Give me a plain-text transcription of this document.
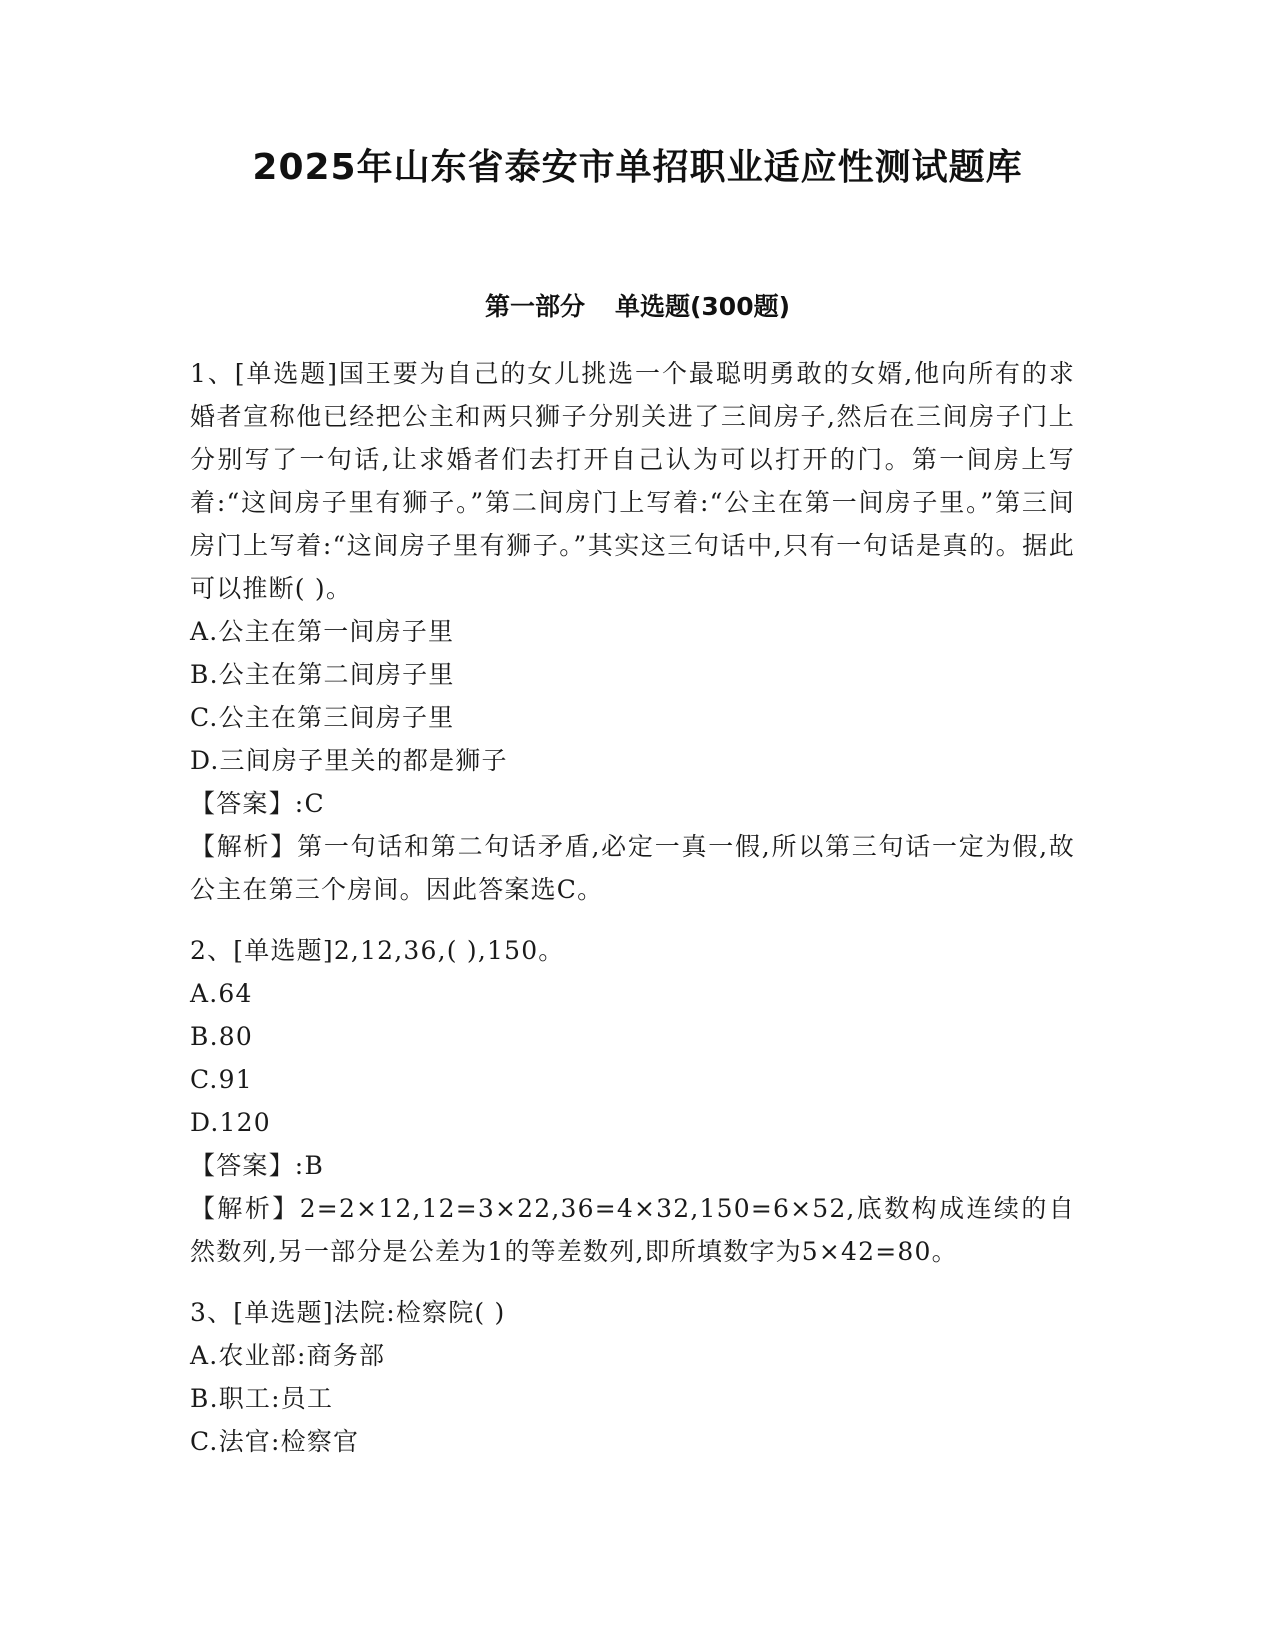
2025年山东省泰安市单招职业适应性测试题库
第一部分 单选题(300题)
1、[单选题]国王要为自己的女儿挑选一个最聪明勇敢的女婿,他向所有的求婚者宣称他已经把公主和两只狮子分别关进了三间房子,然后在三间房子门上分别写了一句话,让求婚者们去打开自己认为可以打开的门。第一间房上写着:“这间房子里有狮子。”第二间房门上写着:“公主在第一间房子里。”第三间房门上写着:“这间房子里有狮子。”其实这三句话中,只有一句话是真的。据此可以推断( )。
A.公主在第一间房子里
B.公主在第二间房子里
C.公主在第三间房子里
D.三间房子里关的都是狮子
【答案】:C
【解析】第一句话和第二句话矛盾,必定一真一假,所以第三句话一定为假,故公主在第三个房间。因此答案选C。
2、[单选题]2,12,36,( ),150。
A.64
B.80
C.91
D.120
【答案】:B
【解析】2=2×12,12=3×22,36=4×32,150=6×52,底数构成连续的自然数列,另一部分是公差为1的等差数列,即所填数字为5×42=80。
3、[单选题]法院:检察院( )
A.农业部:商务部
B.职工:员工
C.法官:检察官
